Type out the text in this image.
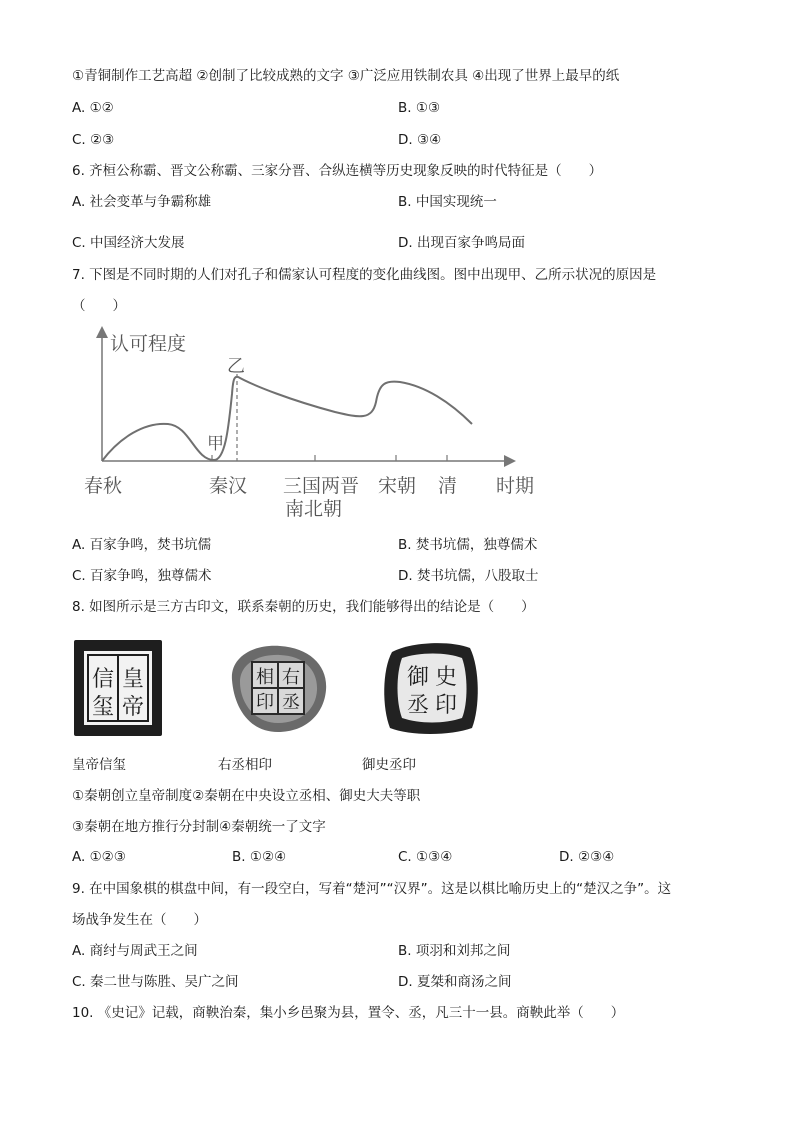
①青铜制作工艺高超 ②创制了比较成熟的文字 ③广泛应用铁制农具 ④出现了世界上最早的纸
A. ①②	B. ①③
C. ②③	D. ③④
6. 齐桓公称霸、晋文公称霸、三家分晋、合纵连横等历史现象反映的时代特征是（　　）
A. 社会变革与争霸称雄	B. 中国实现统一
C. 中国经济大发展	D. 出现百家争鸣局面
7. 下图是不同时期的人们对孔子和儒家认可程度的变化曲线图。图中出现甲、乙所示状况的原因是
（　　）
认可程度
时期
乙
甲
春秋	秦汉 三国两晋
南北朝
宋朝 清
A. 百家争鸣，焚书坑儒	B. 焚书坑儒，独尊儒术
C. 百家争鸣，独尊儒术	D. 焚书坑儒，八股取士
8. 如图所示是三方古印文，联系秦朝的历史，我们能够得出的结论是（　　）
皇
帝
信
玺
右
丞
相
印
史
印
御
丞
皇帝信玺	右丞相印	御史丞印
①秦朝创立皇帝制度②秦朝在中央设立丞相、御史大夫等职
③秦朝在地方推行分封制④秦朝统一了文字
A. ①②③	B. ①②④	C. ①③④	D. ②③④
9. 在中国象棋的棋盘中间，有一段空白，写着“楚河”“汉界”。这是以棋比喻历史上的“楚汉之争”。这
场战争发生在（　　）
A. 商纣与周武王之间	B. 项羽和刘邦之间
C. 秦二世与陈胜、吴广之间	D. 夏桀和商汤之间
10. 《史记》记载，商鞅治秦，集小乡邑聚为县，置令、丞，凡三十一县。商鞅此举（　　）
